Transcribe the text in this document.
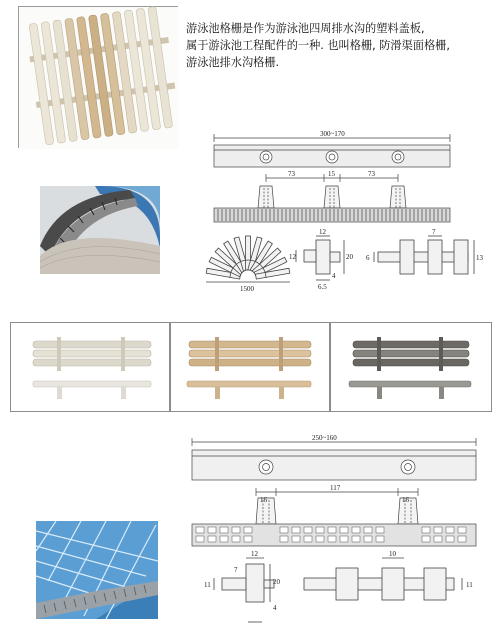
游泳池格栅是作为游泳池四周排水沟的塑料盖板,

属于游泳池工程配件的一种. 也叫格栅, 防滑渠面格栅,

游泳池排水沟格栅.

300~170
73	15	73
1500
12
20
4
6.5
12	6
7
13
250~160
16
117
16
12
7
11	20
4
10
11
